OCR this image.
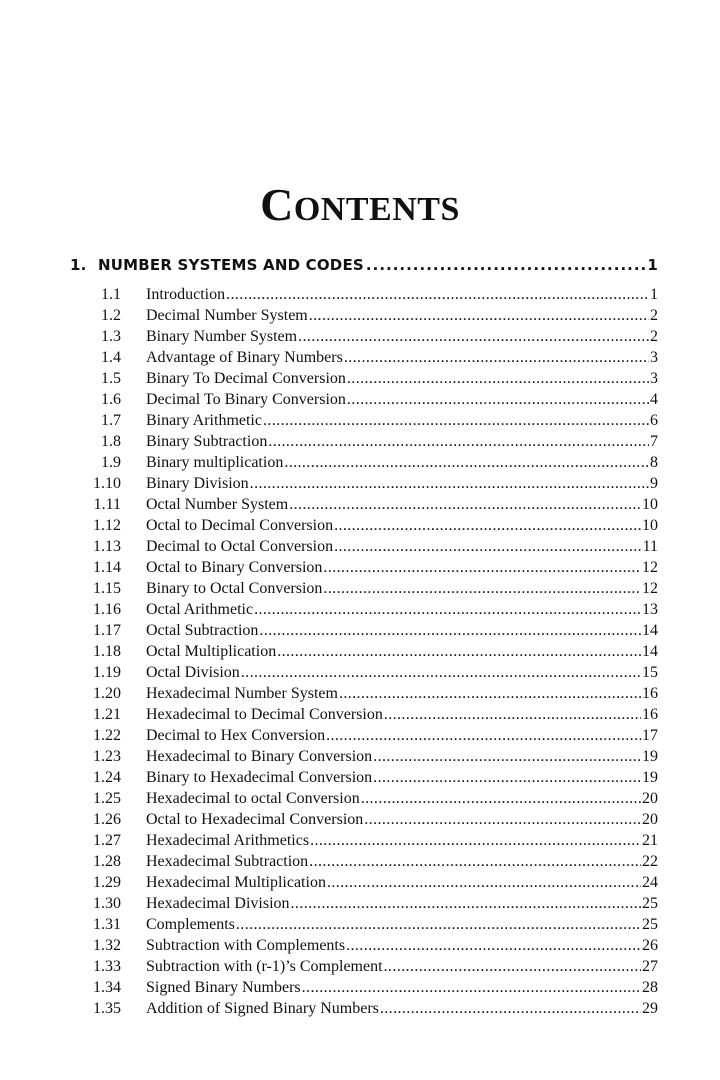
CONTENTS
1. NUMBER SYSTEMS AND CODES .....	1
1.1 Introduction .....	1
1.2 Decimal Number System .....	2
1.3 Binary Number System .....	2
1.4 Advantage of Binary Numbers .....	3
1.5 Binary To Decimal Conversion .....	3
1.6 Decimal To Binary Conversion .....	4
1.7 Binary Arithmetic .....	6
1.8 Binary Subtraction .....	7
1.9 Binary multiplication .....	8
1.10 Binary Division .....	9
1.11 Octal Number System .....	10
1.12 Octal to Decimal Conversion .....	10
1.13 Decimal to Octal Conversion .....	11
1.14 Octal to Binary Conversion .....	12
1.15 Binary to Octal Conversion .....	12
1.16 Octal Arithmetic .....	13
1.17 Octal Subtraction .....	14
1.18 Octal Multiplication .....	14
1.19 Octal Division .....	15
1.20 Hexadecimal Number System .....	16
1.21 Hexadecimal to Decimal Conversion .....	16
1.22 Decimal to Hex Conversion .....	17
1.23 Hexadecimal to Binary Conversion .....	19
1.24 Binary to Hexadecimal Conversion .....	19
1.25 Hexadecimal to octal Conversion .....	20
1.26 Octal to Hexadecimal Conversion .....	20
1.27 Hexadecimal Arithmetics .....	21
1.28 Hexadecimal Subtraction .....	22
1.29 Hexadecimal Multiplication .....	24
1.30 Hexadecimal Division .....	25
1.31 Complements .....	25
1.32 Subtraction with Complements .....	26
1.33 Subtraction with (r-1)’s Complement .....	27
1.34 Signed Binary Numbers .....	28
1.35 Addition of Signed Binary Numbers .....	29
